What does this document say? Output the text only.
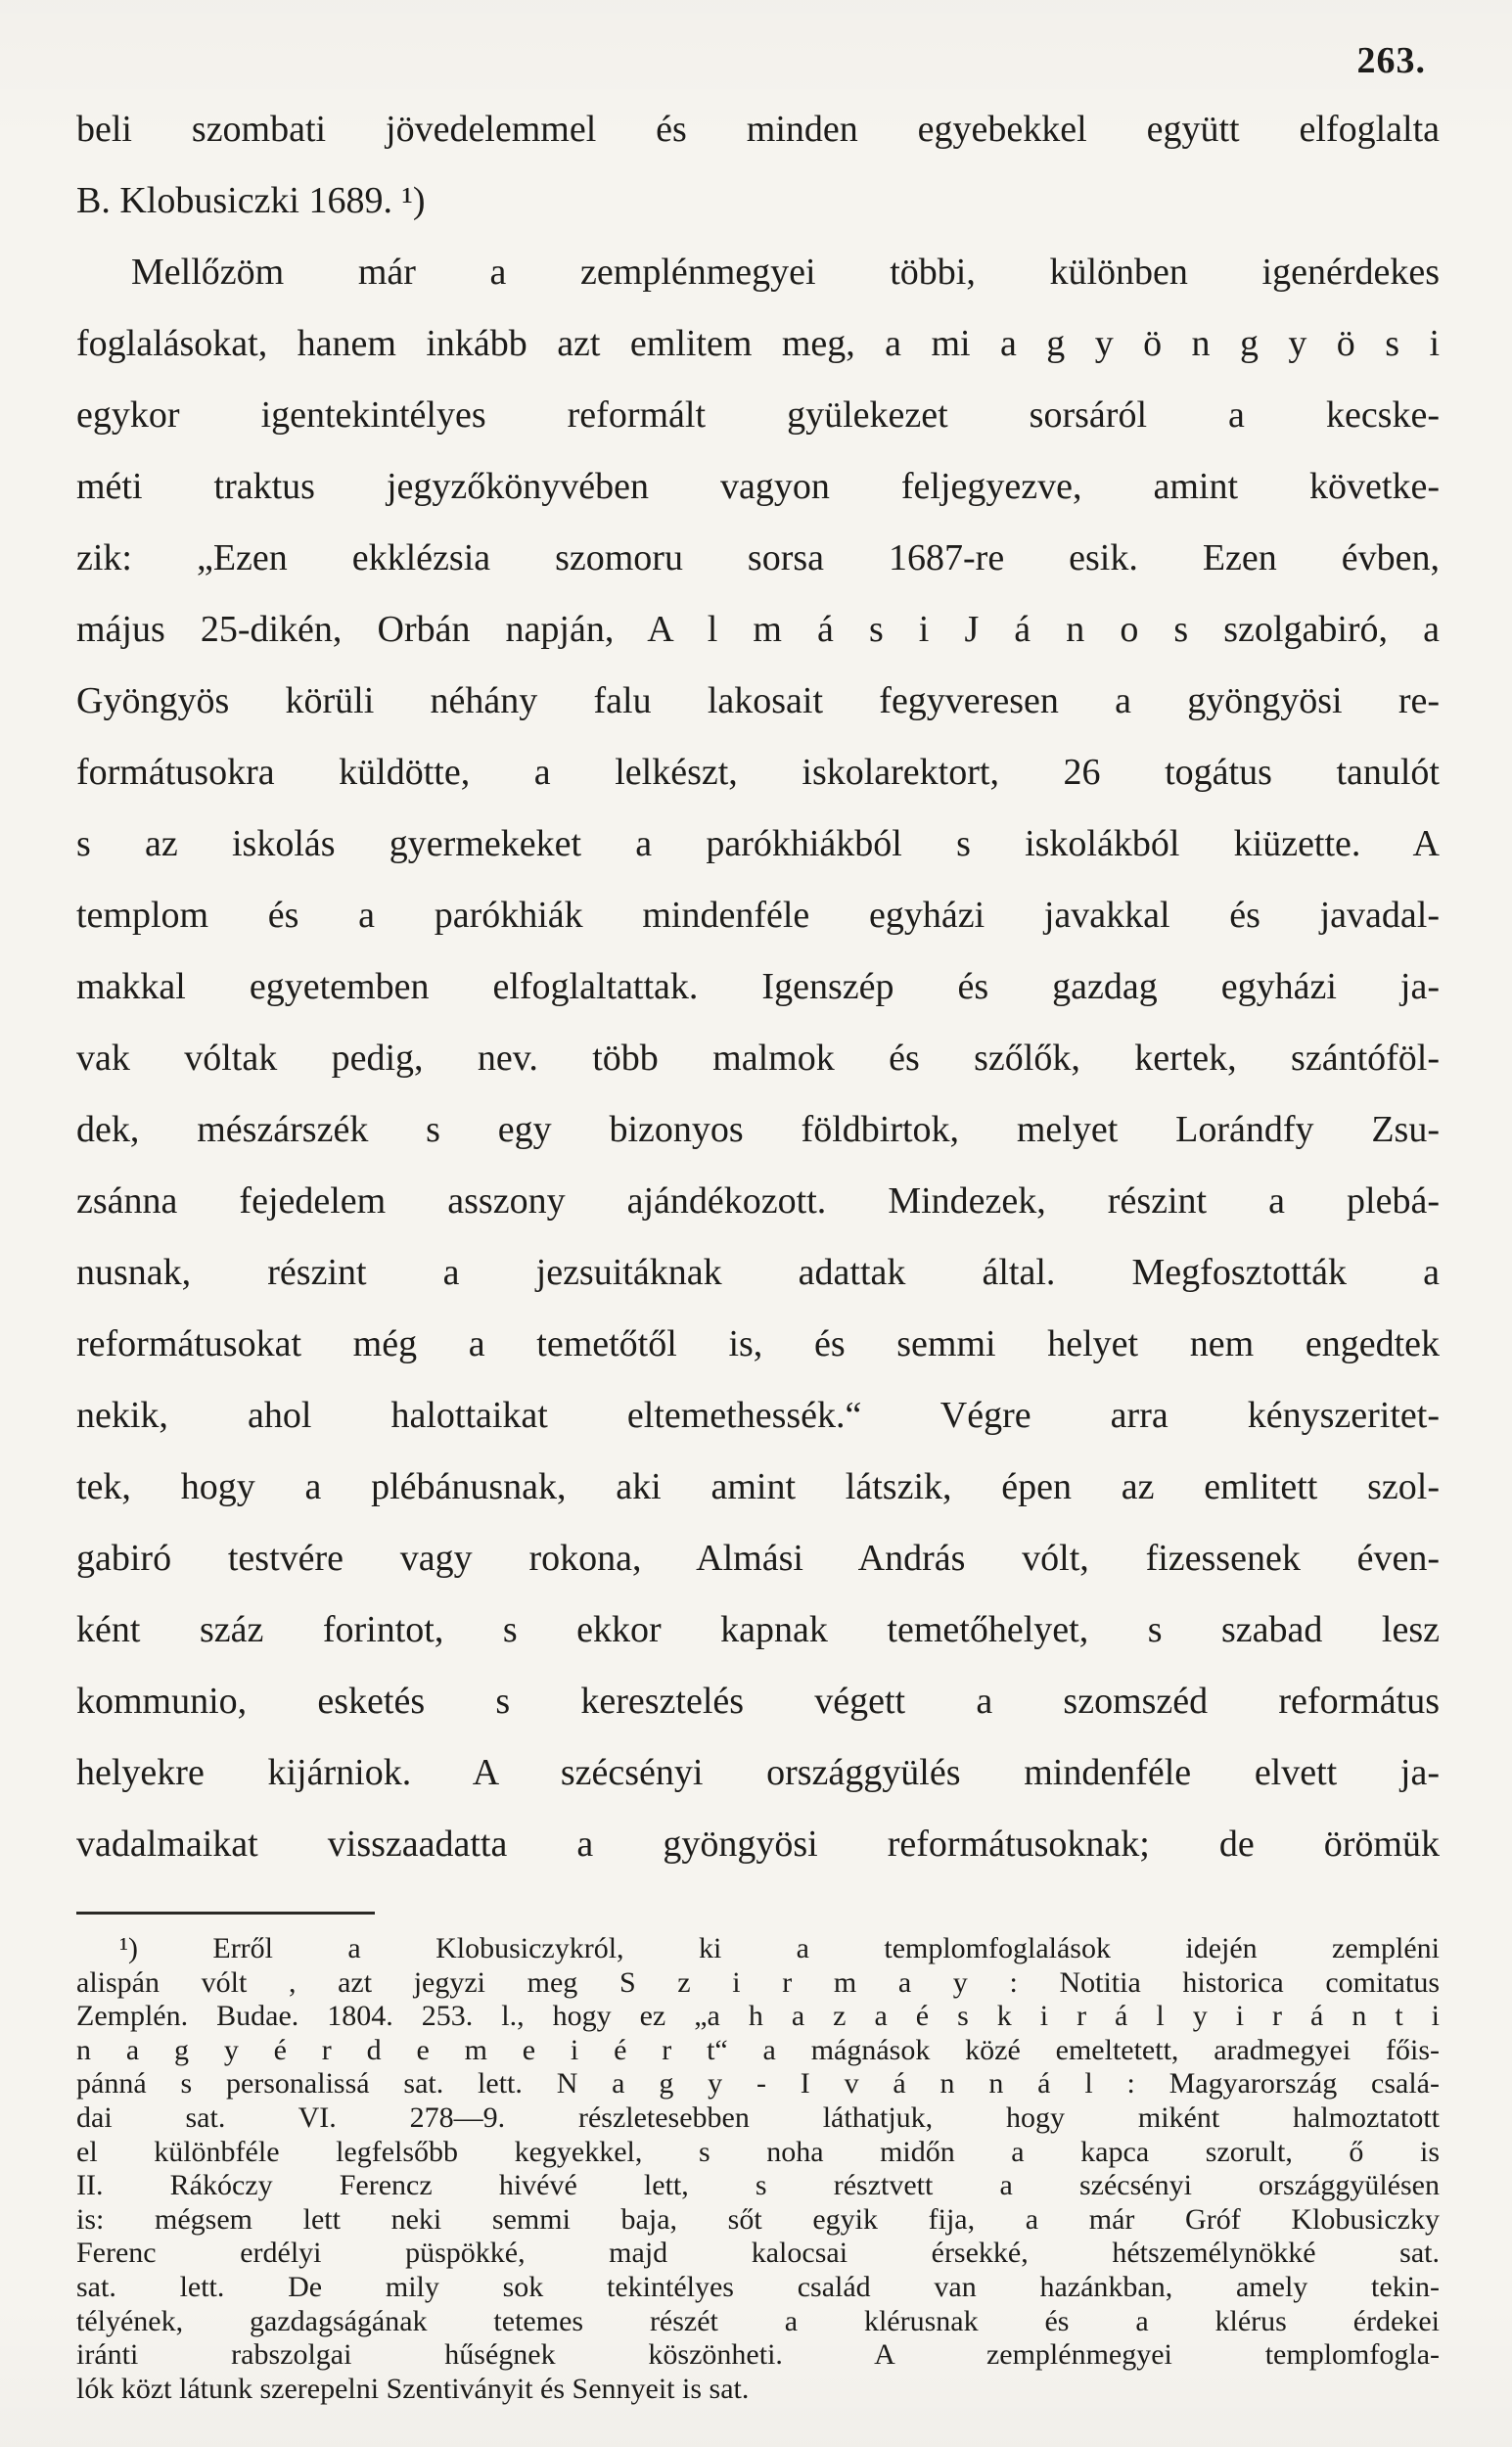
263.
beli szombati jövedelemmel és minden egyebekkel együtt elfoglalta
B. Klobusiczki 1689. ¹)
Mellőzöm már a zemplénmegyei többi, különben igenérdekes
foglalásokat, hanem inkább azt emlitem meg, a mi a g y ö n g y ö s i
egykor igentekintélyes reformált gyülekezet sorsáról a kecske-
méti traktus jegyzőkönyvében vagyon feljegyezve, amint követke-
zik: „Ezen ekklézsia szomoru sorsa 1687-re esik. Ezen évben,
május 25-dikén, Orbán napján, A l m á s i J á n o s szolgabiró, a
Gyöngyös körüli néhány falu lakosait fegyveresen a gyöngyösi re-
formátusokra küldötte, a lelkészt, iskolarektort, 26 togátus tanulót
s az iskolás gyermekeket a parókhiákból s iskolákból kiüzette. A
templom és a parókhiák mindenféle egyházi javakkal és javadal-
makkal egyetemben elfoglaltattak. Igenszép és gazdag egyházi ja-
vak vóltak pedig, nev. több malmok és szőlők, kertek, szántóföl-
dek, mészárszék s egy bizonyos földbirtok, melyet Lorándfy Zsu-
zsánna fejedelem asszony ajándékozott. Mindezek, részint a plebá-
nusnak, részint a jezsuitáknak adattak által. Megfosztották a
reformátusokat még a temetőtől is, és semmi helyet nem engedtek
nekik, ahol halottaikat eltemethessék.“ Végre arra kényszeritet-
tek, hogy a plébánusnak, aki amint látszik, épen az emlitett szol-
gabiró testvére vagy rokona, Almási András vólt, fizessenek éven-
ként száz forintot, s ekkor kapnak temetőhelyet, s szabad lesz
kommunio, esketés s keresztelés végett a szomszéd református
helyekre kijárniok. A szécsényi országgyülés mindenféle elvett ja-
vadalmaikat visszaadatta a gyöngyösi reformátusoknak; de örömük
¹) Erről a Klobusiczykról, ki a templomfoglalások idején zempléni
alispán vólt , azt jegyzi meg S z i r m a y : Notitia historica comitatus
Zemplén. Budae. 1804. 253. l., hogy ez „a h a z a é s k i r á l y i r á n t i
n a g y é r d e m e i é r t“ a mágnások közé emeltetett, aradmegyei főis-
pánná s personalissá sat. lett. N a g y - I v á n n á l : Magyarország csalá-
dai sat. VI. 278—9. részletesebben láthatjuk, hogy miként halmoztatott
el különbféle legfelsőbb kegyekkel, s noha midőn a kapca szorult, ő is
II. Rákóczy Ferencz hivévé lett, s résztvett a szécsényi országgyülésen
is: mégsem lett neki semmi baja, sőt egyik fija, a már Gróf Klobusiczky
Ferenc erdélyi püspökké, majd kalocsai érsekké, hétszemélynökké sat.
sat. lett. De mily sok tekintélyes család van hazánkban, amely tekin-
télyének, gazdagságának tetemes részét a klérusnak és a klérus érdekei
iránti rabszolgai hűségnek köszönheti. A zemplénmegyei templomfogla-
lók közt látunk szerepelni Szentiványit és Sennyeit is sat.
